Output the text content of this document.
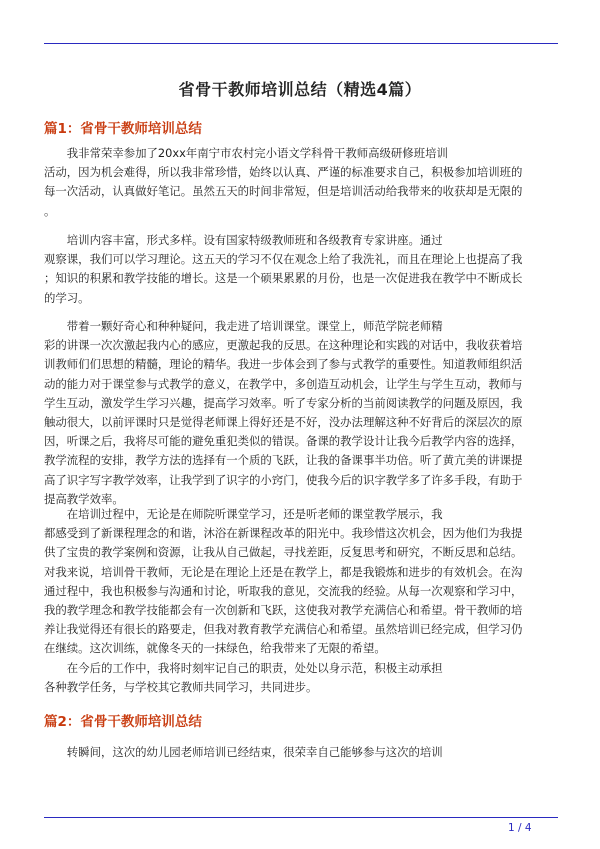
省骨干教师培训总结（精选4篇）
篇1：省骨干教师培训总结
　　我非常荣幸参加了20xx年南宁市农村完小语文学科骨干教师高级研修班培训
活动，因为机会难得，所以我非常珍惜，始终以认真、严谨的标准要求自己，积极参加培训班的
每一次活动，认真做好笔记。虽然五天的时间非常短，但是培训活动给我带来的收获却是无限的
。
　　培训内容丰富，形式多样。设有国家特级教师班和各级教育专家讲座。通过
观察课，我们可以学习理论。这五天的学习不仅在观念上给了我洗礼，而且在理论上也提高了我
；知识的积累和教学技能的增长。这是一个硕果累累的月份，也是一次促进我在教学中不断成长
的学习。
　　带着一颗好奇心和种种疑问，我走进了培训课堂。课堂上，师范学院老师精
彩的讲课一次次激起我内心的感应，更激起我的反思。在这种理论和实践的对话中，我收获着培
训教师们们思想的精髓，理论的精华。我进一步体会到了参与式教学的重要性。知道教师组织活
动的能力对于课堂参与式教学的意义，在教学中，多创造互动机会，让学生与学生互动，教师与
学生互动，激发学生学习兴趣，提高学习效率。听了专家分析的当前阅读教学的问题及原因，我
触动很大，以前评课时只是觉得老师课上得好还是不好，没办法理解这种不好背后的深层次的原
因，听课之后，我将尽可能的避免重犯类似的错误。备课的教学设计让我今后教学内容的选择，
教学流程的安排，教学方法的选择有一个质的飞跃，让我的备课事半功倍。听了黄亢美的讲课提
高了识字写字教学效率，让我学到了识字的小窍门，使我今后的识字教学多了许多手段，有助于
提高教学效率。
　　在培训过程中，无论是在师院听课堂学习，还是听老师的课堂教学展示，我
都感受到了新课程理念的和谐，沐浴在新课程改革的阳光中。我珍惜这次机会，因为他们为我提
供了宝贵的教学案例和资源，让我从自己做起，寻找差距，反复思考和研究，不断反思和总结。
对我来说，培训骨干教师，无论是在理论上还是在教学上，都是我锻炼和进步的有效机会。在沟
通过程中，我也积极参与沟通和讨论，听取我的意见，交流我的经验。从每一次观察和学习中，
我的教学理念和教学技能都会有一次创新和飞跃，这使我对教学充满信心和希望。骨干教师的培
养让我觉得还有很长的路要走，但我对教育教学充满信心和希望。虽然培训已经完成，但学习仍
在继续。这次训练，就像冬天的一抹绿色，给我带来了无限的希望。
　　在今后的工作中，我将时刻牢记自己的职责，处处以身示范，积极主动承担
各种教学任务，与学校其它教师共同学习，共同进步。
篇2：省骨干教师培训总结
　　转瞬间，这次的幼儿园老师培训已经结束，很荣幸自己能够参与这次的培训
1 / 4
